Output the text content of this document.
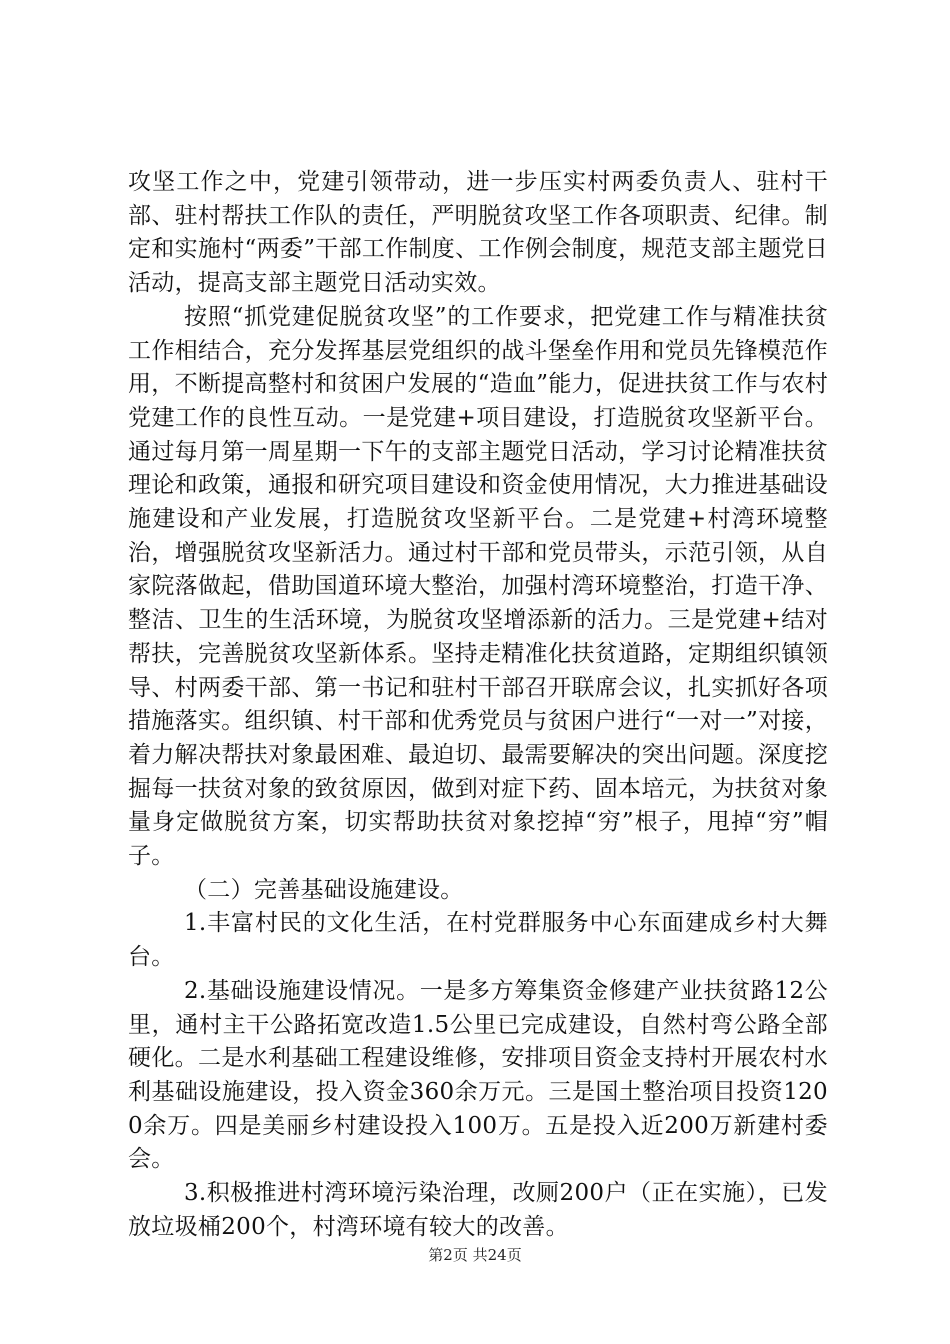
攻坚工作之中，党建引领带动，进一步压实村两委负责人、驻村干部、驻村帮扶工作队的责任，严明脱贫攻坚工作各项职责、纪律。制定和实施村“两委”干部工作制度、工作例会制度，规范支部主题党日活动，提高支部主题党日活动实效。

按照“抓党建促脱贫攻坚”的工作要求，把党建工作与精准扶贫工作相结合，充分发挥基层党组织的战斗堡垒作用和党员先锋模范作用，不断提高整村和贫困户发展的“造血”能力，促进扶贫工作与农村党建工作的良性互动。一是党建+项目建设，打造脱贫攻坚新平台。通过每月第一周星期一下午的支部主题党日活动，学习讨论精准扶贫理论和政策，通报和研究项目建设和资金使用情况，大力推进基础设施建设和产业发展，打造脱贫攻坚新平台。二是党建+村湾环境整治，增强脱贫攻坚新活力。通过村干部和党员带头，示范引领，从自家院落做起，借助国道环境大整治，加强村湾环境整治，打造干净、整洁、卫生的生活环境，为脱贫攻坚增添新的活力。三是党建+结对帮扶，完善脱贫攻坚新体系。坚持走精准化扶贫道路，定期组织镇领导、村两委干部、第一书记和驻村干部召开联席会议，扎实抓好各项措施落实。组织镇、村干部和优秀党员与贫困户进行“一对一”对接，着力解决帮扶对象最困难、最迫切、最需要解决的突出问题。深度挖掘每一扶贫对象的致贫原因，做到对症下药、固本培元，为扶贫对象量身定做脱贫方案，切实帮助扶贫对象挖掉“穷”根子，甩掉“穷”帽子。

（二）完善基础设施建设。

1.丰富村民的文化生活，在村党群服务中心东面建成乡村大舞台。

2.基础设施建设情况。一是多方筹集资金修建产业扶贫路12公里，通村主干公路拓宽改造1.5公里已完成建设，自然村弯公路全部硬化。二是水利基础工程建设维修，安排项目资金支持村开展农村水利基础设施建设，投入资金360余万元。三是国土整治项目投资1200余万。四是美丽乡村建设投入100万。五是投入近200万新建村委会。

3.积极推进村湾环境污染治理，改厕200户（正在实施），已发放垃圾桶200个，村湾环境有较大的改善。

第2页 共24页
